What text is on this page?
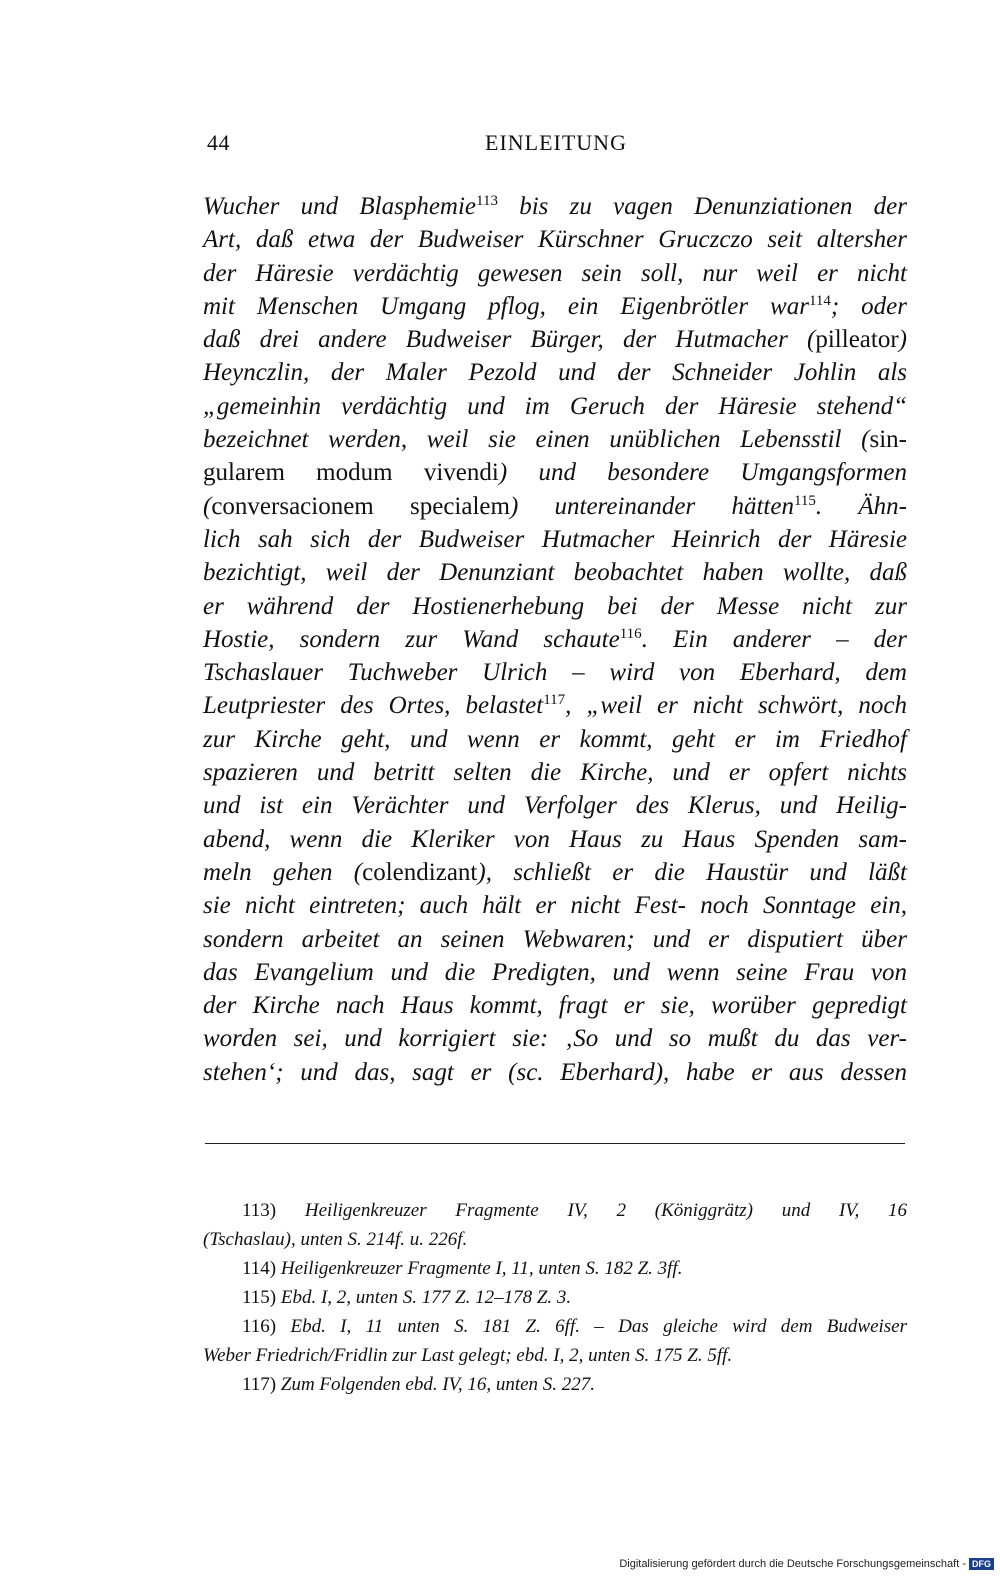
44	EINLEITUNG
Wucher und Blasphemie$^{113}$ bis zu vagen Denunziationen der
Art, daß etwa der Budweiser Kürschner Gruczczo seit altersher
der Häresie verdächtig gewesen sein soll, nur weil er nicht
mit Menschen Umgang pflog, ein Eigenbrötler war$^{114}$; oder
daß drei andere Budweiser Bürger, der Hutmacher (pilleator)
Heynczlin, der Maler Pezold und der Schneider Johlin als
„gemeinhin verdächtig und im Geruch der Häresie stehend“
bezeichnet werden, weil sie einen unüblichen Lebensstil (sin-
gularem modum vivendi) und besondere Umgangsformen
(conversacionem specialem) untereinander hätten$^{115}$. Ähn-
lich sah sich der Budweiser Hutmacher Heinrich der Häresie
bezichtigt, weil der Denunziant beobachtet haben wollte, daß
er während der Hostienerhebung bei der Messe nicht zur
Hostie, sondern zur Wand schaute$^{116}$. Ein anderer – der
Tschaslauer Tuchweber Ulrich – wird von Eberhard, dem
Leutpriester des Ortes, belastet$^{117}$, „weil er nicht schwört, noch
zur Kirche geht, und wenn er kommt, geht er im Friedhof
spazieren und betritt selten die Kirche, und er opfert nichts
und ist ein Verächter und Verfolger des Klerus, und Heilig-
abend, wenn die Kleriker von Haus zu Haus Spenden sam-
meln gehen (colendizant), schließt er die Haustür und läßt
sie nicht eintreten; auch hält er nicht Fest- noch Sonntage ein,
sondern arbeitet an seinen Webwaren; und er disputiert über
das Evangelium und die Predigten, und wenn seine Frau von
der Kirche nach Haus kommt, fragt er sie, worüber gepredigt
worden sei, und korrigiert sie: ‚So und so mußt du das ver-
stehen‘; und das, sagt er (sc. Eberhard), habe er aus dessen
113) Heiligenkreuzer Fragmente IV, 2 (Königgrätz) und IV, 16
(Tschaslau), unten S. 214f. u. 226f.
114) Heiligenkreuzer Fragmente I, 11, unten S. 182 Z. 3ff.
115) Ebd. I, 2, unten S. 177 Z. 12–178 Z. 3.
116) Ebd. I, 11 unten S. 181 Z. 6ff. – Das gleiche wird dem Budweiser
Weber Friedrich/Fridlin zur Last gelegt; ebd. I, 2, unten S. 175 Z. 5ff.
117) Zum Folgenden ebd. IV, 16, unten S. 227.
Digitalisierung gefördert durch die Deutsche Forschungsgemeinschaft - DFG
